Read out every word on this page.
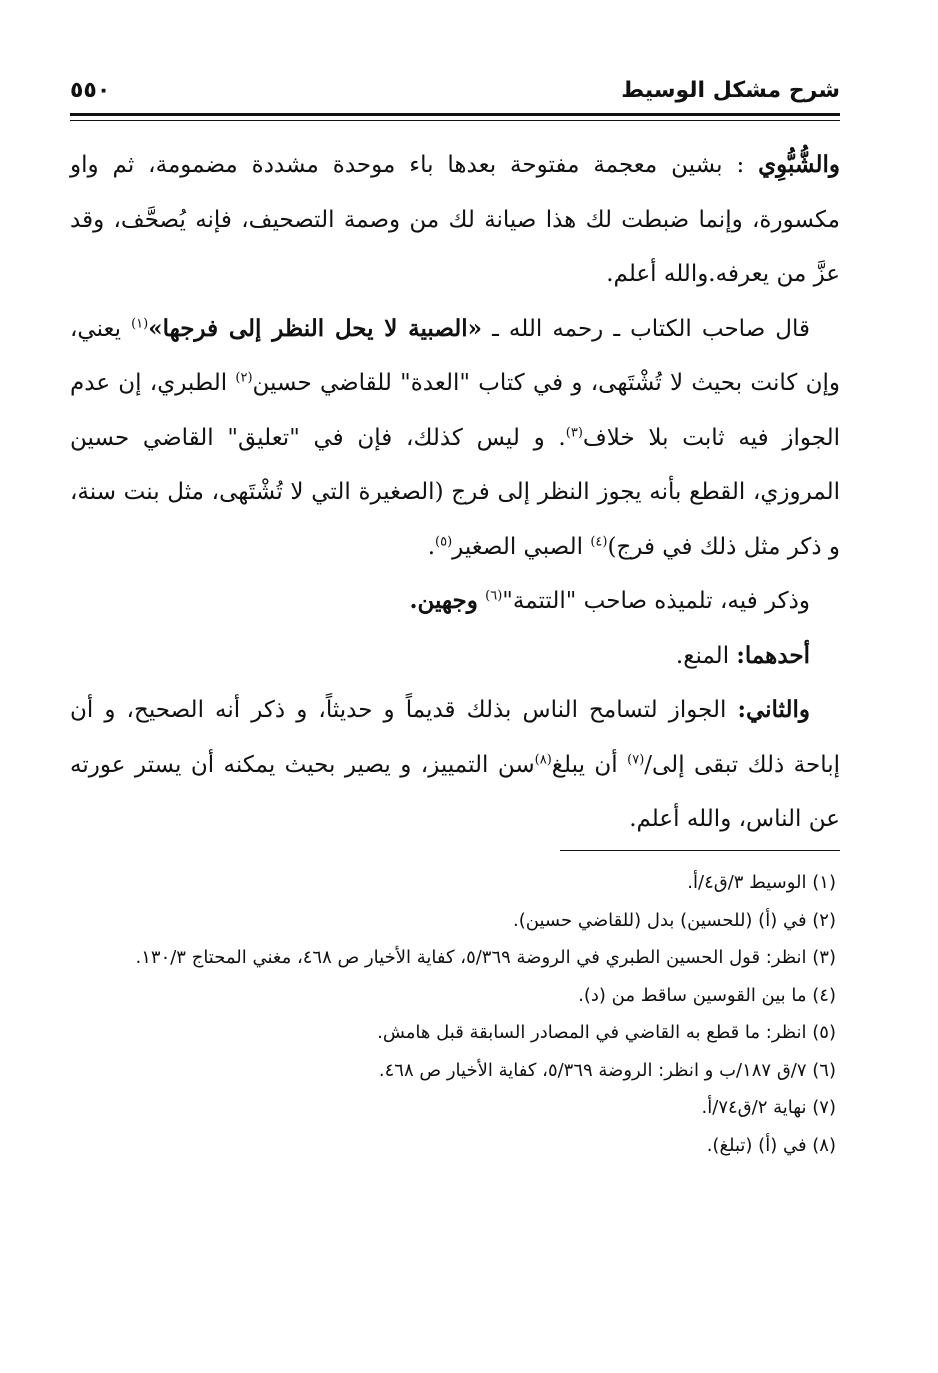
شرح مشكل الوسيط
٥٥٠

والشُّبُّوِي : بشين معجمة مفتوحة بعدها باء موحدة مشددة مضمومة، ثم واو مكسورة، وإنما ضبطت لك هذا صيانة لك من وصمة التصحيف، فإنه يُصحَّف، وقد عزَّ من يعرفه.والله أعلم.

قال صاحب الكتاب ـ رحمه الله ـ «الصبية لا يحل النظر إلى فرجها»$^{(١)}$ يعني، وإن كانت بحيث لا تُشْتَهى، و في كتاب "العدة" للقاضي حسين$^{(٢)}$ الطبري، إن عدم الجواز فيه ثابت بلا خلاف$^{(٣)}$. و ليس كذلك، فإن في "تعليق" القاضي حسين المروزي، القطع بأنه يجوز النظر إلى فرج (الصغيرة التي لا تُشْتَهى، مثل بنت سنة، و ذكر مثل ذلك في فرج)$^{(٤)}$ الصبي الصغير$^{(٥)}$.

وذكر فيه، تلميذه صاحب "التتمة"$^{(٦)}$ وجهين.

أحدهما: المنع.

والثاني: الجواز لتسامح الناس بذلك قديماً و حديثاً، و ذكر أنه الصحيح، و أن إباحة ذلك تبقى إلى/$^{(٧)}$ أن يبلغ$^{(٨)}$سن التمييز، و يصير بحيث يمكنه أن يستر عورته عن الناس، والله أعلم.

(١) الوسيط ٣/ق٤/أ.

(٢) في (أ) (للحسين) بدل (للقاضي حسين).

(٣) انظر: قول الحسين الطبري في الروضة ٥/٣٦٩، كفاية الأخيار ص ٤٦٨، مغني المحتاج ١٣٠/٣.

(٤) ما بين القوسين ساقط من (د).

(٥) انظر: ما قطع به القاضي في المصادر السابقة قبل هامش.

(٦) ٧/ق ١٨٧/ب و انظر: الروضة ٥/٣٦٩، كفاية الأخيار ص ٤٦٨.

(٧) نهاية ٢/ق٧٤/أ.

(٨) في (أ) (تبلغ).
